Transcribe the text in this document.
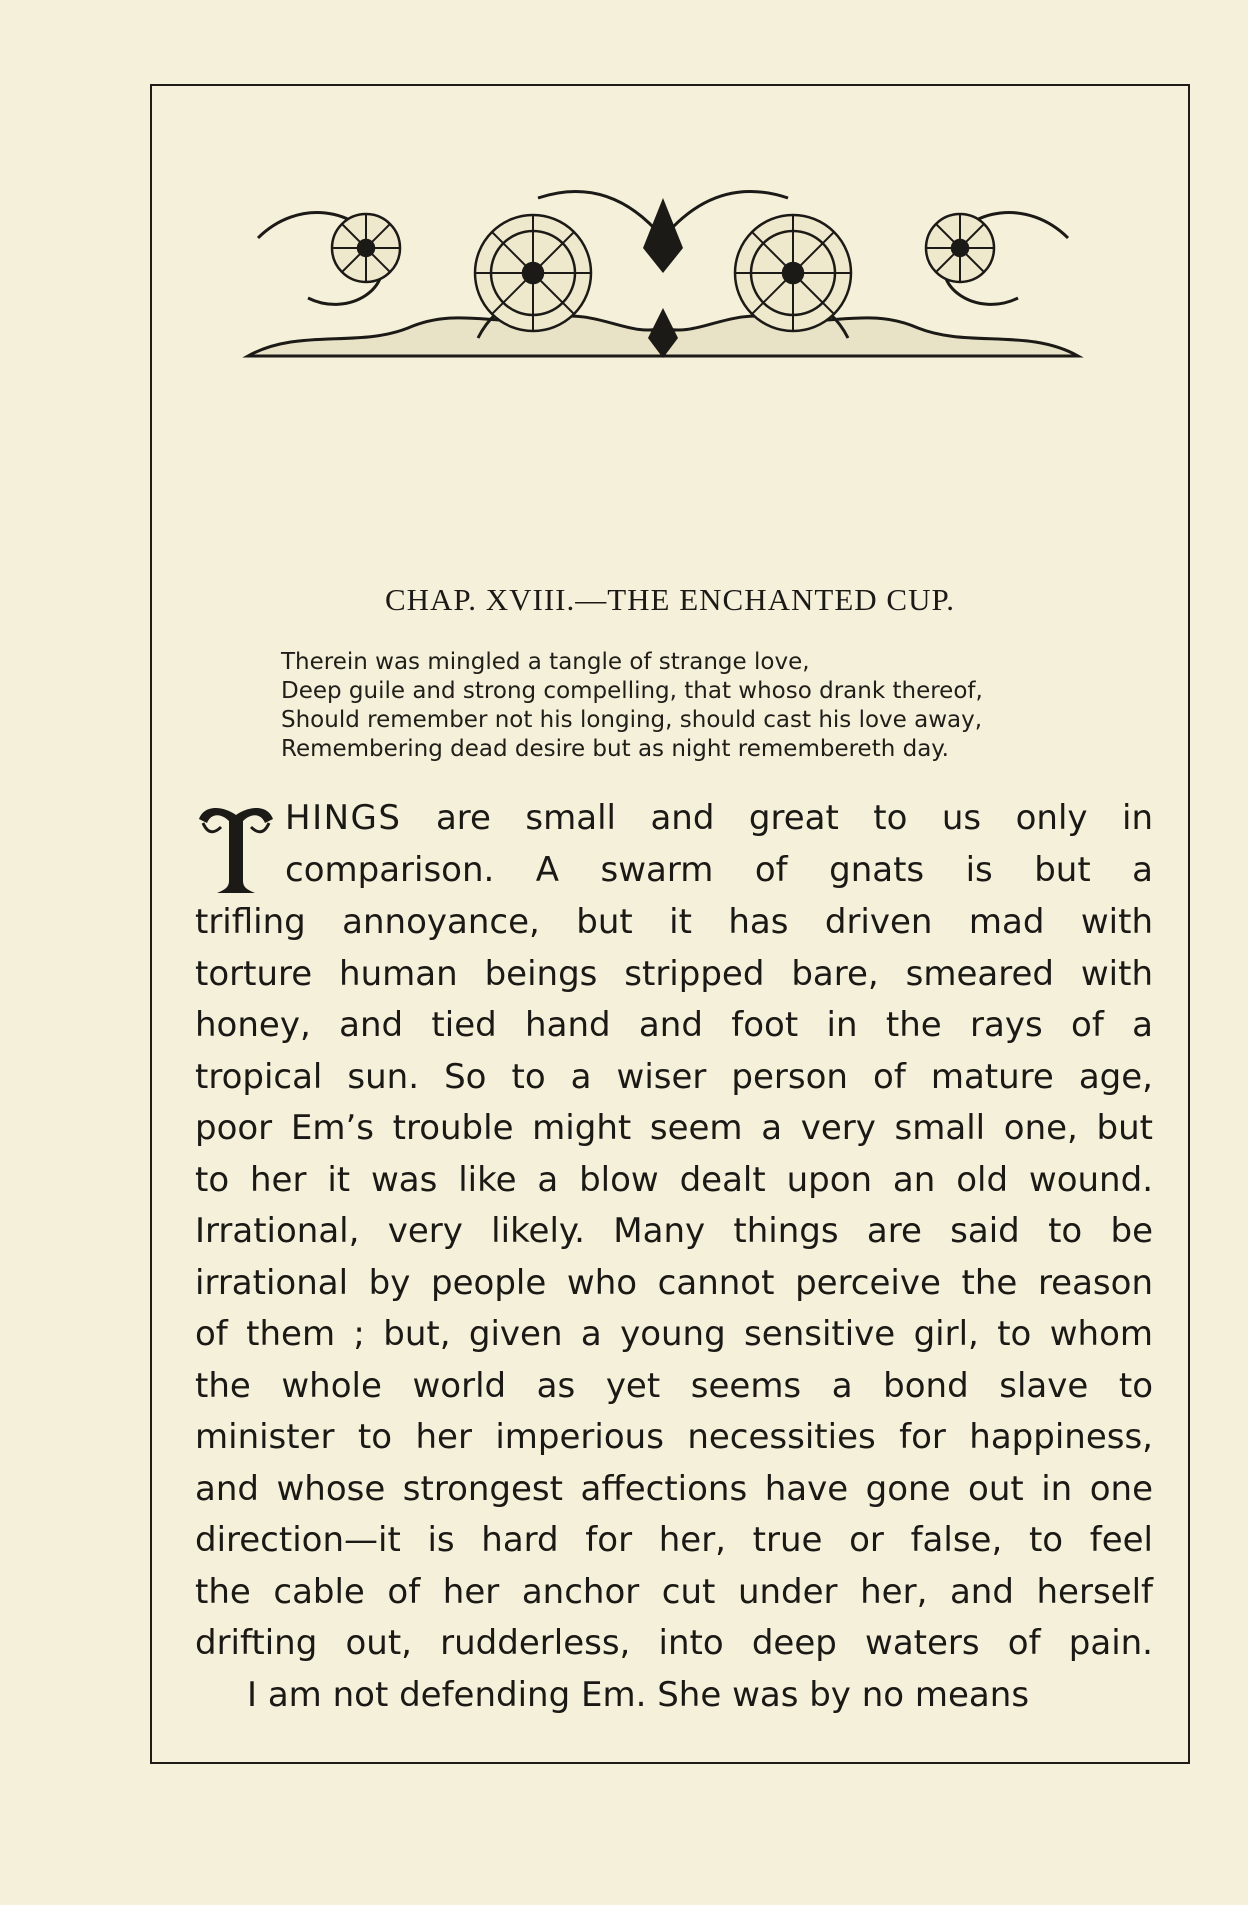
CHAP. XVIII.—THE ENCHANTED CUP.
Therein was mingled a tangle of strange love,
Deep guile and strong compelling, that whoso drank thereof,
Should remember not his longing, should cast his love away,
Remembering dead desire but as night remembereth day.
HINGS are small and great to us only in
comparison. A swarm of gnats is but a
trifling annoyance, but it has driven mad with
torture human beings stripped bare, smeared with
honey, and tied hand and foot in the rays of a
tropical sun. So to a wiser person of mature age,
poor Em’s trouble might seem a very small one, but
to her it was like a blow dealt upon an old wound.
Irrational, very likely. Many things are said to be
irrational by people who cannot perceive the reason
of them ; but, given a young sensitive girl, to whom
the whole world as yet seems a bond slave to
minister to her imperious necessities for happiness,
and whose strongest affections have gone out in one
direction—it is hard for her, true or false, to feel
the cable of her anchor cut under her, and herself
drifting out, rudderless, into deep waters of pain.
I am not defending Em. She was by no means
